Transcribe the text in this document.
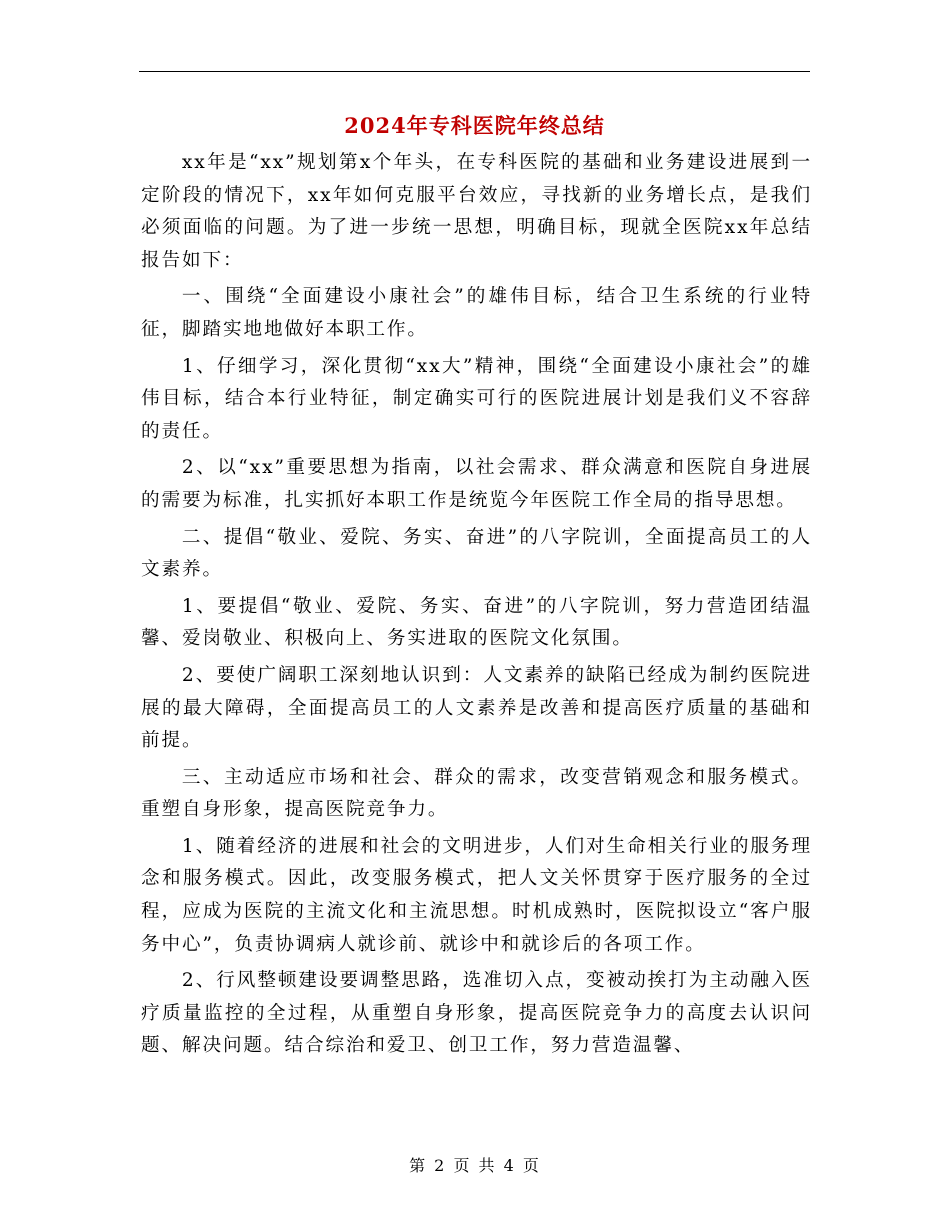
2024年专科医院年终总结

xx年是“xx”规划第x个年头，在专科医院的基础和业务建设进展到一定阶段的情况下，xx年如何克服平台效应，寻找新的业务增长点，是我们必须面临的问题。为了进一步统一思想，明确目标，现就全医院xx年总结报告如下：

一、围绕“全面建设小康社会”的雄伟目标，结合卫生系统的行业特征，脚踏实地地做好本职工作。

1、仔细学习，深化贯彻“xx大”精神，围绕“全面建设小康社会”的雄伟目标，结合本行业特征，制定确实可行的医院进展计划是我们义不容辞的责任。

2、以“xx”重要思想为指南，以社会需求、群众满意和医院自身进展的需要为标准，扎实抓好本职工作是统览今年医院工作全局的指导思想。

二、提倡“敬业、爱院、务实、奋进”的八字院训，全面提高员工的人文素养。

1、要提倡“敬业、爱院、务实、奋进”的八字院训，努力营造团结温馨、爱岗敬业、积极向上、务实进取的医院文化氛围。

2、要使广阔职工深刻地认识到：人文素养的缺陷已经成为制约医院进展的最大障碍，全面提高员工的人文素养是改善和提高医疗质量的基础和前提。

三、主动适应市场和社会、群众的需求，改变营销观念和服务模式。重塑自身形象，提高医院竞争力。

1、随着经济的进展和社会的文明进步，人们对生命相关行业的服务理念和服务模式。因此，改变服务模式，把人文关怀贯穿于医疗服务的全过程，应成为医院的主流文化和主流思想。时机成熟时，医院拟设立“客户服务中心”，负责协调病人就诊前、就诊中和就诊后的各项工作。

2、行风整顿建设要调整思路，选准切入点，变被动挨打为主动融入医疗质量监控的全过程，从重塑自身形象，提高医院竞争力的高度去认识问题、解决问题。结合综治和爱卫、创卫工作，努力营造温馨、

第 2 页 共 4 页
